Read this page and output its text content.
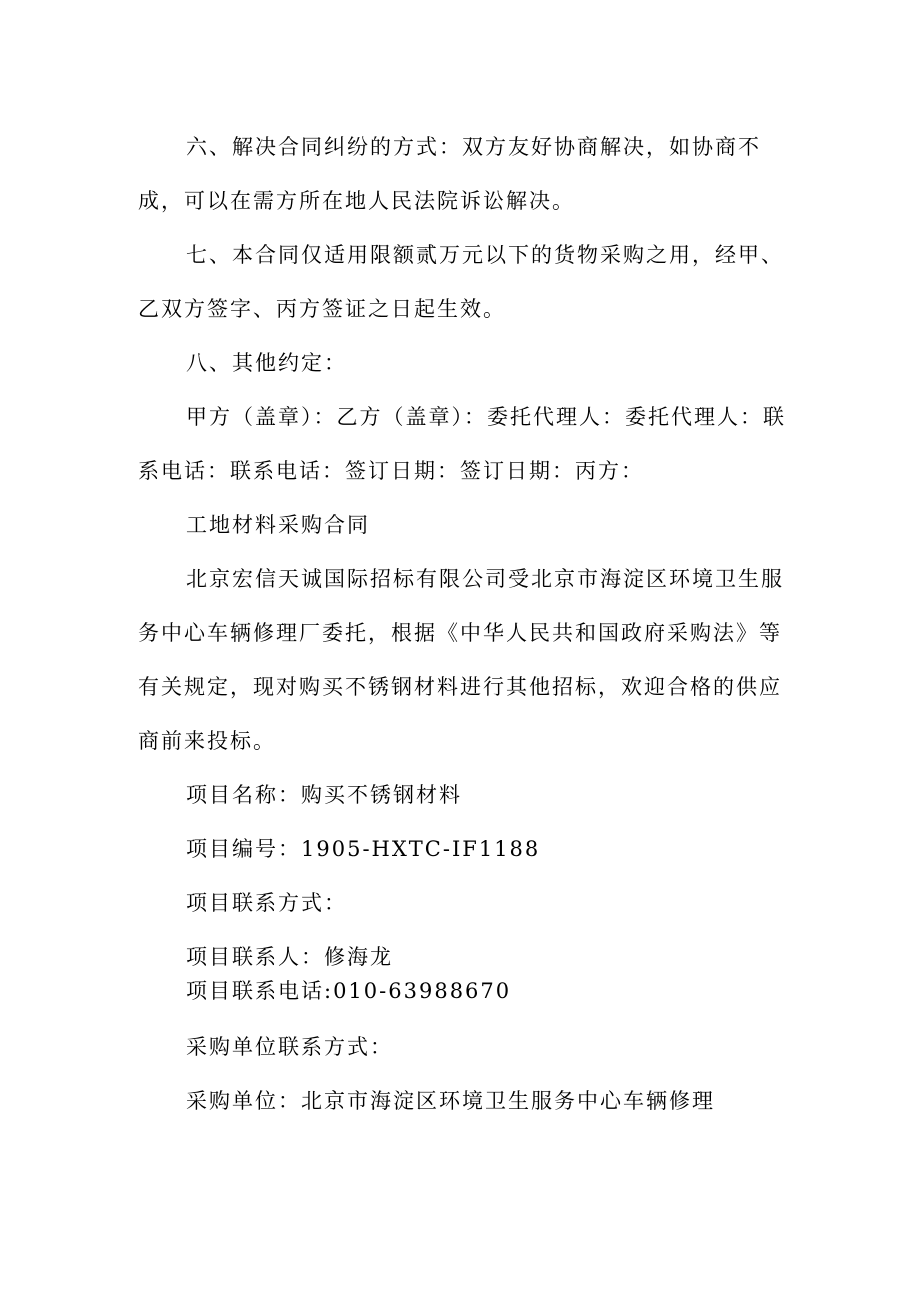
六、解决合同纠纷的方式：双方友好协商解决，如协商不成，可以在需方所在地人民法院诉讼解决。

七、本合同仅适用限额贰万元以下的货物采购之用，经甲、乙双方签字、丙方签证之日起生效。

八、其他约定：

甲方（盖章）：乙方（盖章）：委托代理人：委托代理人：联系电话：联系电话：签订日期：签订日期：丙方：

工地材料采购合同

北京宏信天诚国际招标有限公司受北京市海淀区环境卫生服务中心车辆修理厂委托，根据《中华人民共和国政府采购法》等有关规定，现对购买不锈钢材料进行其他招标，欢迎合格的供应商前来投标。

项目名称：购买不锈钢材料

项目编号：1905-HXTC-IF1188

项目联系方式：

项目联系人：修海龙
项目联系电话:010-63988670

采购单位联系方式：

采购单位：北京市海淀区环境卫生服务中心车辆修理
